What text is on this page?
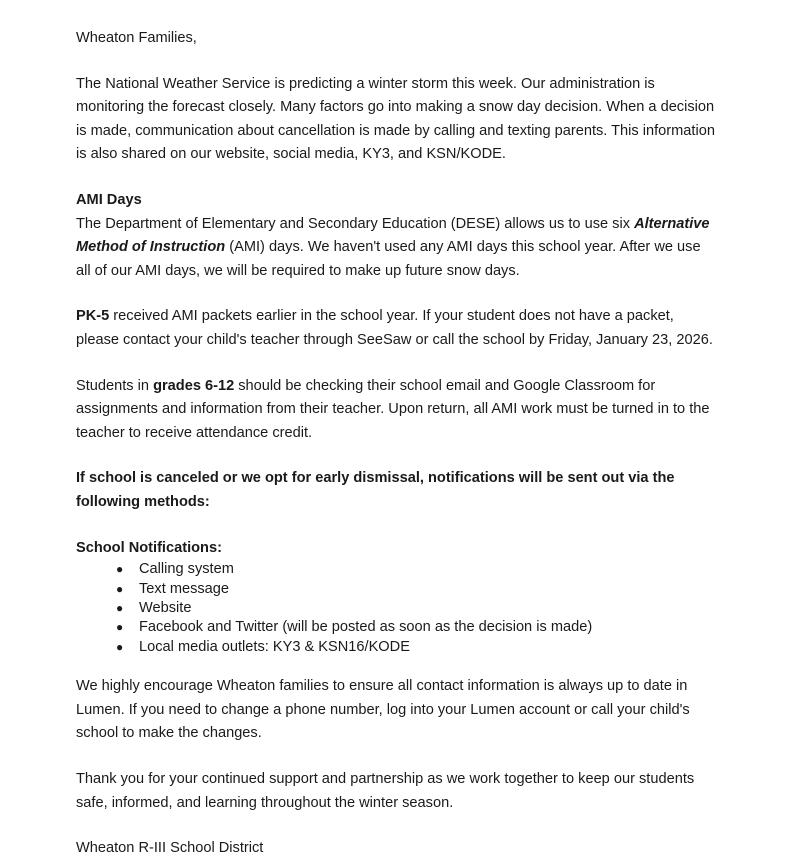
Wheaton Families,

The National Weather Service is predicting a winter storm this week. Our administration is monitoring the forecast closely. Many factors go into making a snow day decision. When a decision is made, communication about cancellation is made by calling and texting parents. This information is also shared on our website, social media, KY3, and KSN/KODE.

AMI Days

The Department of Elementary and Secondary Education (DESE) allows us to use six Alternative Method of Instruction (AMI) days. We haven't used any AMI days this school year. After we use all of our AMI days, we will be required to make up future snow days.

PK-5 received AMI packets earlier in the school year. If your student does not have a packet, please contact your child's teacher through SeeSaw or call the school by Friday, January 23, 2026.

Students in grades 6-12 should be checking their school email and Google Classroom for assignments and information from their teacher. Upon return, all AMI work must be turned in to the teacher to receive attendance credit.

If school is canceled or we opt for early dismissal, notifications will be sent out via the following methods:

School Notifications:

● Calling system
● Text message
● Website
● Facebook and Twitter (will be posted as soon as the decision is made)
● Local media outlets: KY3 & KSN16/KODE

We highly encourage Wheaton families to ensure all contact information is always up to date in Lumen. If you need to change a phone number, log into your Lumen account or call your child's school to make the changes.

Thank you for your continued support and partnership as we work together to keep our students safe, informed, and learning throughout the winter season.

Wheaton R-III School District
